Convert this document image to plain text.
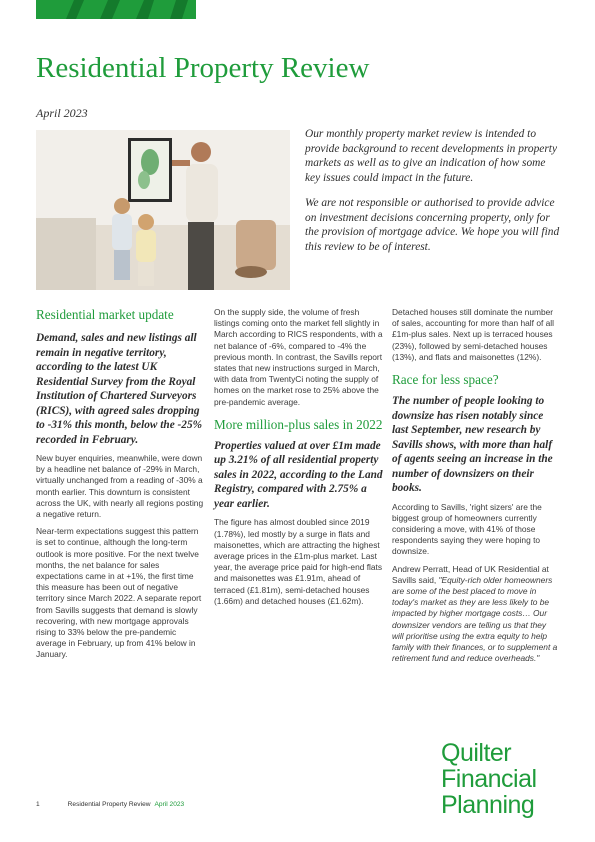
Residential Property Review
April 2023

Our monthly property market review is intended to provide background to recent developments in property markets as well as to give an indication of how some key issues could impact in the future.

We are not responsible or authorised to provide advice on investment decisions concerning property, only for the provision of mortgage advice. We hope you will find this review to be of interest.

Residential market update

Demand, sales and new listings all remain in negative territory, according to the latest UK Residential Survey from the Royal Institution of Chartered Surveyors (RICS), with agreed sales dropping to -31% this month, below the -25% recorded in February.

New buyer enquiries, meanwhile, were down by a headline net balance of -29% in March, virtually unchanged from a reading of -30% a month earlier. This downturn is consistent across the UK, with nearly all regions posting a negative return.

Near-term expectations suggest this pattern is set to continue, although the long-term outlook is more positive. For the next twelve months, the net balance for sales expectations came in at +1%, the first time this measure has been out of negative territory since March 2022. A separate report from Savills suggests that demand is slowly recovering, with new mortgage approvals rising to 33% below the pre-pandemic average in February, up from 41% below in January.

On the supply side, the volume of fresh listings coming onto the market fell slightly in March according to RICS respondents, with a net balance of -6%, compared to -4% the previous month. In contrast, the Savills report states that new instructions surged in March, with data from TwentyCi noting the supply of homes on the market rose to 25% above the pre-pandemic average.

More million-plus sales in 2022

Properties valued at over £1m made up 3.21% of all residential property sales in 2022, according to the Land Registry, compared with 2.75% a year earlier.

The figure has almost doubled since 2019 (1.78%), led mostly by a surge in flats and maisonettes, which are attracting the highest average prices in the £1m-plus market. Last year, the average price paid for high-end flats and maisonettes was £1.91m, ahead of terraced (£1.81m), semi-detached houses (1.66m) and detached houses (£1.62m).

Detached houses still dominate the number of sales, accounting for more than half of all £1m-plus sales. Next up is terraced houses (23%), followed by semi-detached houses (13%), and flats and maisonettes (12%).

Race for less space?

The number of people looking to downsize has risen notably since last September, new research by Savills shows, with more than half of agents seeing an increase in the number of downsizers on their books.

According to Savills, 'right sizers' are the biggest group of homeowners currently considering a move, with 41% of those respondents saying they were hoping to downsize.

Andrew Perratt, Head of UK Residential at Savills said, "Equity-rich older homeowners are some of the best placed to move in today's market as they are less likely to be impacted by higher mortgage costs… Our downsizer vendors are telling us that they will prioritise using the extra equity to help family with their finances, or to supplement a retirement fund and reduce overheads."

1	Residential Property Review April 2023
Quilter
Financial
Planning
